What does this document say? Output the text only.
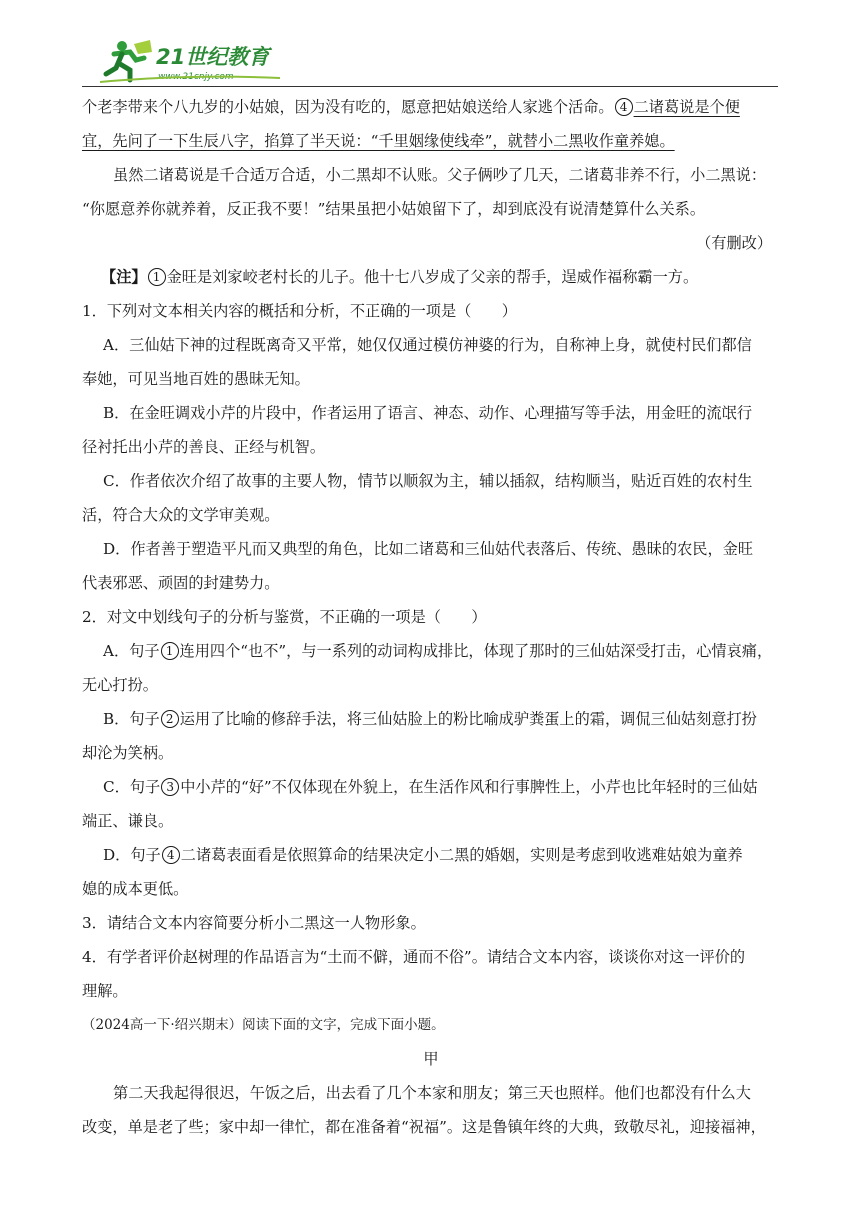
21世纪教育
www.21cnjy.com

个老李带来个八九岁的小姑娘，因为没有吃的，愿意把姑娘送给人家逃个活命。 4 二诸葛说是个便

宜，先问了一下生辰八字，掐算了半天说：“千里姻缘使线牵”，就替小二黑收作童养媳。

虽然二诸葛说是千合适万合适，小二黑却不认账。父子俩吵了几天，二诸葛非养不行，小二黑说：

“你愿意养你就养着，反正我不要！”结果虽把小姑娘留下了，却到底没有说清楚算什么关系。

（有删改）

【注】 1 金旺是刘家峧老村长的儿子。他十七八岁成了父亲的帮手，逞威作福称霸一方。

1．下列对文本相关内容的概括和分析，不正确的一项是（　　）

A．三仙姑下神的过程既离奇又平常，她仅仅通过模仿神婆的行为，自称神上身，就使村民们都信

奉她，可见当地百姓的愚昧无知。

B．在金旺调戏小芹的片段中，作者运用了语言、神态、动作、心理描写等手法，用金旺的流氓行

径衬托出小芹的善良、正经与机智。

C．作者依次介绍了故事的主要人物，情节以顺叙为主，辅以插叙，结构顺当，贴近百姓的农村生

活，符合大众的文学审美观。

D．作者善于塑造平凡而又典型的角色，比如二诸葛和三仙姑代表落后、传统、愚昧的农民，金旺

代表邪恶、顽固的封建势力。

2．对文中划线句子的分析与鉴赏，不正确的一项是（　　）

A．句子 1 连用四个“也不”，与一系列的动词构成排比，体现了那时的三仙姑深受打击，心情哀痛，

无心打扮。

B．句子 2 运用了比喻的修辞手法，将三仙姑脸上的粉比喻成驴粪蛋上的霜，调侃三仙姑刻意打扮

却沦为笑柄。

C．句子 3 中小芹的“好”不仅体现在外貌上，在生活作风和行事脾性上，小芹也比年轻时的三仙姑

端正、谦良。

D．句子 4 二诸葛表面看是依照算命的结果决定小二黑的婚姻，实则是考虑到收逃难姑娘为童养

媳的成本更低。

3．请结合文本内容简要分析小二黑这一人物形象。

4．有学者评价赵树理的作品语言为“土而不僻，通而不俗”。请结合文本内容，谈谈你对这一评价的

理解。

（2024高一下·绍兴期末）阅读下面的文字，完成下面小题。

甲

第二天我起得很迟，午饭之后，出去看了几个本家和朋友；第三天也照样。他们也都没有什么大

改变，单是老了些；家中却一律忙，都在准备着“祝福”。这是鲁镇年终的大典，致敬尽礼，迎接福神，
